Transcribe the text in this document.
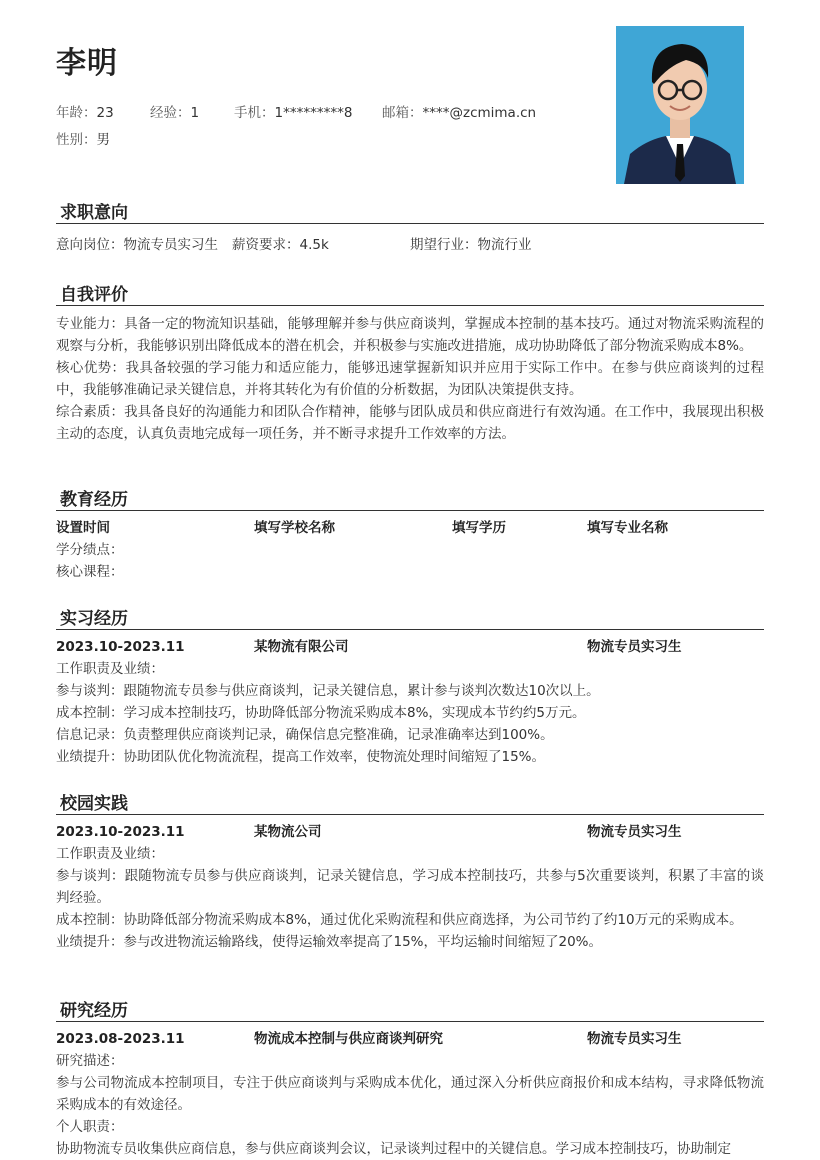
李明
年龄：23	经验：1	手机：1*********8 邮箱：****@zcmima.cn
性别：男
求职意向
意向岗位：物流专员实习生 薪资要求：4.5k	期望行业：物流行业
自我评价
专业能力：具备一定的物流知识基础，能够理解并参与供应商谈判，掌握成本控制的基本技巧。通过对物流采购流程的观察与分析，我能够识别出降低成本的潜在机会，并积极参与实施改进措施，成功协助降低了部分物流采购成本8%。
核心优势：我具备较强的学习能力和适应能力，能够迅速掌握新知识并应用于实际工作中。在参与供应商谈判的过程中，我能够准确记录关键信息，并将其转化为有价值的分析数据，为团队决策提供支持。
综合素质：我具备良好的沟通能力和团队合作精神，能够与团队成员和供应商进行有效沟通。在工作中，我展现出积极主动的态度，认真负责地完成每一项任务，并不断寻求提升工作效率的方法。
教育经历
设置时间	填写学校名称	填写学历	填写专业名称
学分绩点：
核心课程：
实习经历
2023.10-2023.11	某物流有限公司	物流专员实习生
工作职责及业绩：
参与谈判：跟随物流专员参与供应商谈判，记录关键信息，累计参与谈判次数达10次以上。
成本控制：学习成本控制技巧，协助降低部分物流采购成本8%，实现成本节约约5万元。
信息记录：负责整理供应商谈判记录，确保信息完整准确，记录准确率达到100%。
业绩提升：协助团队优化物流流程，提高工作效率，使物流处理时间缩短了15%。
校园实践
2023.10-2023.11	某物流公司	物流专员实习生
工作职责及业绩：
参与谈判：跟随物流专员参与供应商谈判，记录关键信息，学习成本控制技巧，共参与5次重要谈判，积累了丰富的谈判经验。
成本控制：协助降低部分物流采购成本8%，通过优化采购流程和供应商选择，为公司节约了约10万元的采购成本。
业绩提升：参与改进物流运输路线，使得运输效率提高了15%，平均运输时间缩短了20%。
研究经历
2023.08-2023.11	物流成本控制与供应商谈判研究	物流专员实习生
研究描述：
参与公司物流成本控制项目，专注于供应商谈判与采购成本优化，通过深入分析供应商报价和成本结构，寻求降低物流采购成本的有效途径。
个人职责：
协助物流专员收集供应商信息，参与供应商谈判会议，记录谈判过程中的关键信息。学习成本控制技巧，协助制定
